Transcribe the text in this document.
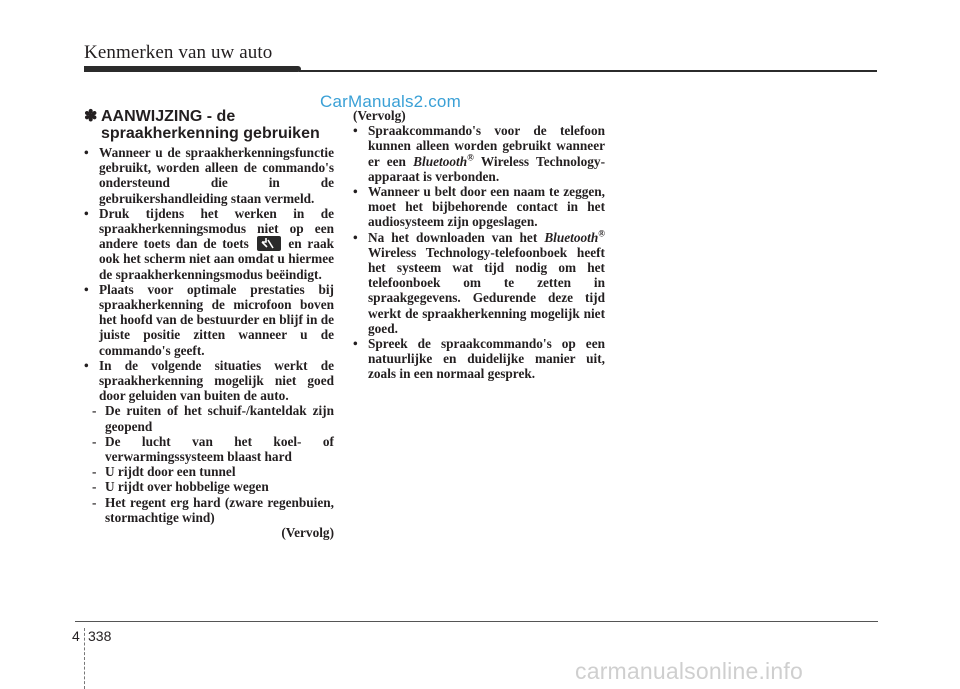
Kenmerken van uw auto
CarManuals2.com
✽ AANWIJZING - de spraakherkenning gebruiken
• Wanneer u de spraakherkenningsfunctie gebruikt, worden alleen de commando's ondersteund die in de gebruikershandleiding staan vermeld.
• Druk tijdens het werken in de spraakherkenningsmodus niet op een andere toets dan de toets	en raak ook het scherm niet aan omdat u hiermee de spraakherkenningsmodus beëindigt.
• Plaats voor optimale prestaties bij spraakherkenning de microfoon boven het hoofd van de bestuurder en blijf in de juiste positie zitten wanneer u de commando's geeft.
• In de volgende situaties werkt de spraakherkenning mogelijk niet goed door geluiden van buiten de auto.
- De ruiten of het schuif-/kanteldak zijn geopend
- De lucht van het koel- of verwarmingssysteem blaast hard
- U rijdt door een tunnel
- U rijdt over hobbelige wegen
- Het regent erg hard (zware regenbuien, stormachtige wind)
(Vervolg)
(Vervolg)
• Spraakcommando's voor de telefoon kunnen alleen worden gebruikt wanneer er een Bluetooth® Wireless Technology-apparaat is verbonden.
• Wanneer u belt door een naam te zeggen, moet het bijbehorende contact in het audiosysteem zijn opgeslagen.
• Na het downloaden van het Bluetooth® Wireless Technology-telefoonboek heeft het systeem wat tijd nodig om het telefoonboek om te zetten in spraakgegevens. Gedurende deze tijd werkt de spraakherkenning mogelijk niet goed.
• Spreek de spraakcommando's op een natuurlijke en duidelijke manier uit, zoals in een normaal gesprek.
4 338
carmanualsonline.info
